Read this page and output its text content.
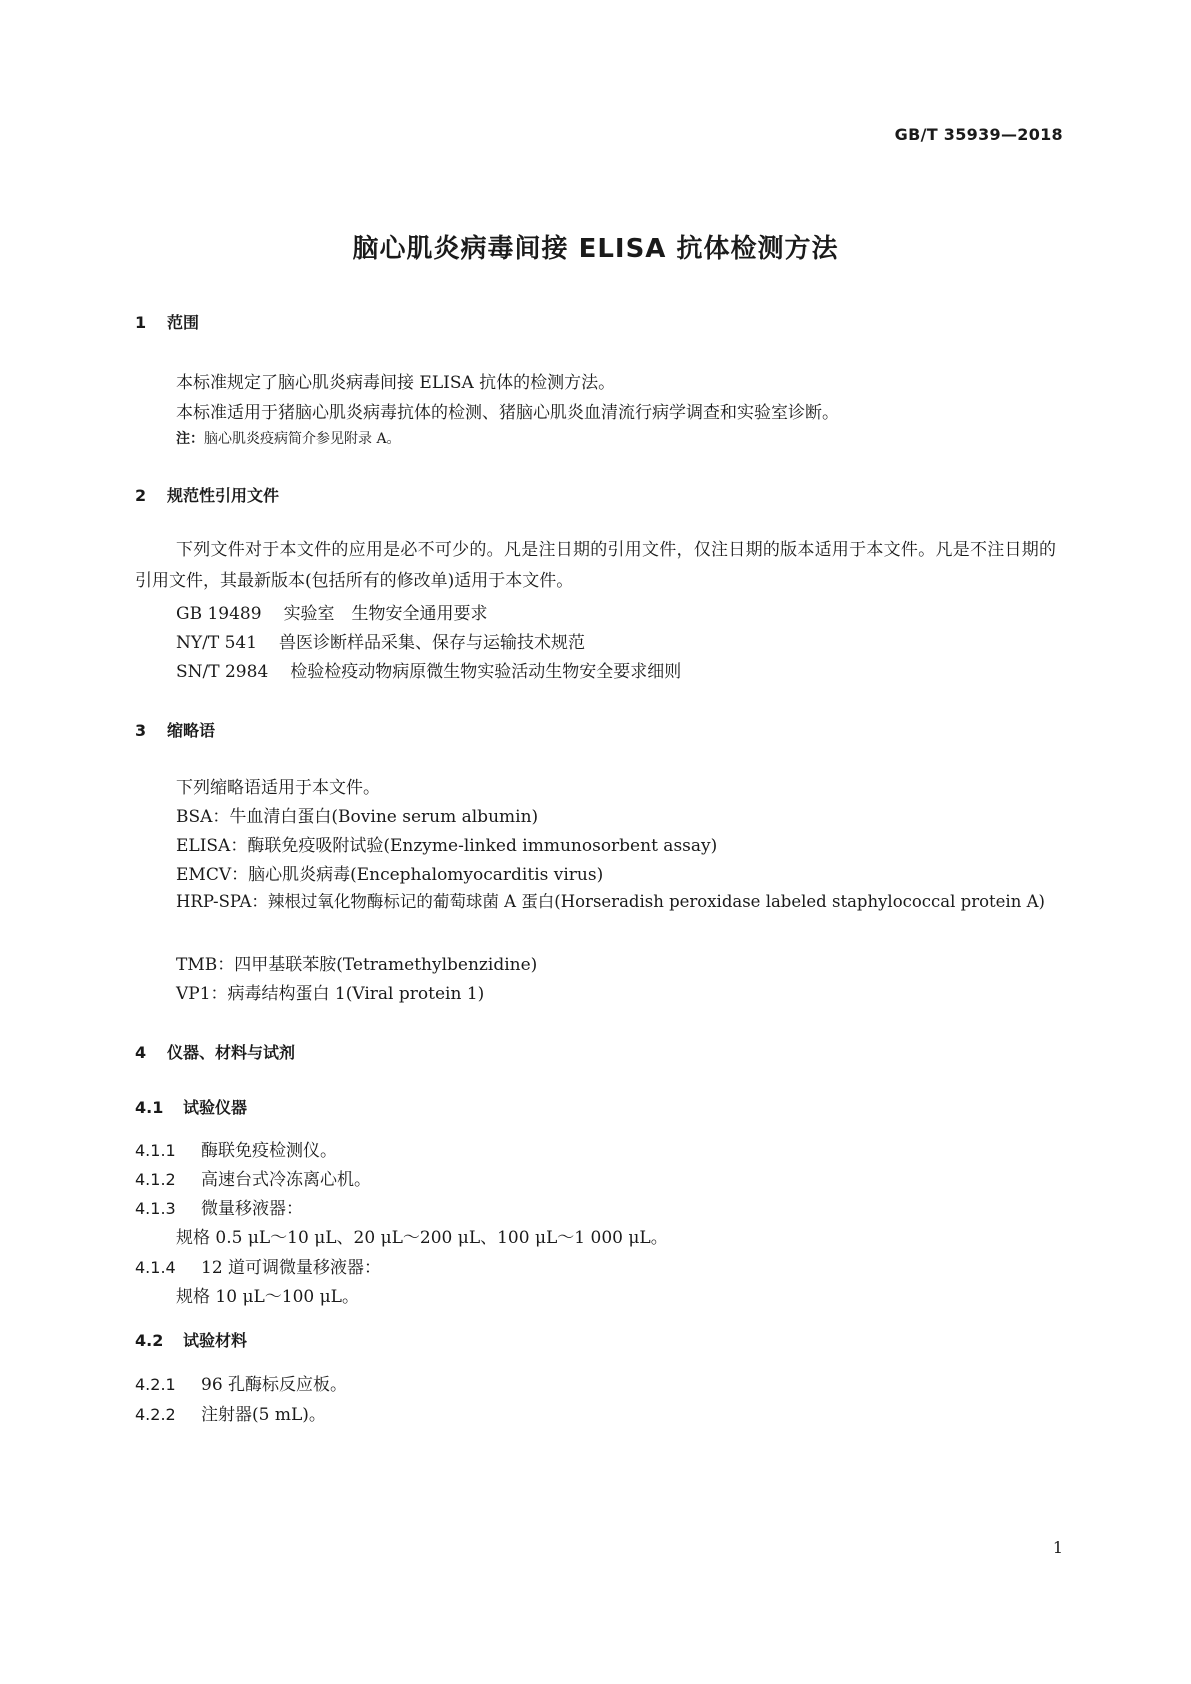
GB/T 35939—2018
脑心肌炎病毒间接 ELISA 抗体检测方法
1 范围
本标准规定了脑心肌炎病毒间接 ELISA 抗体的检测方法。
本标准适用于猪脑心肌炎病毒抗体的检测、猪脑心肌炎血清流行病学调查和实验室诊断。
注：脑心肌炎疫病简介参见附录 A。
2 规范性引用文件
下列文件对于本文件的应用是必不可少的。凡是注日期的引用文件，仅注日期的版本适用于本文件。凡是不注日期的引用文件，其最新版本(包括所有的修改单)适用于本文件。
GB 19489 实验室　生物安全通用要求
NY/T 541 兽医诊断样品采集、保存与运输技术规范
SN/T 2984 检验检疫动物病原微生物实验活动生物安全要求细则
3 缩略语
下列缩略语适用于本文件。
BSA：牛血清白蛋白(Bovine serum albumin)
ELISA：酶联免疫吸附试验(Enzyme-linked immunosorbent assay)
EMCV：脑心肌炎病毒(Encephalomyocarditis virus)
HRP-SPA：辣根过氧化物酶标记的葡萄球菌 A 蛋白(Horseradish peroxidase labeled staphylococcal protein A)
TMB：四甲基联苯胺(Tetramethylbenzidine)
VP1：病毒结构蛋白 1(Viral protein 1)
4 仪器、材料与试剂
4.1 试验仪器
4.1.1 酶联免疫检测仪。
4.1.2 高速台式冷冻离心机。
4.1.3 微量移液器：
规格 0.5 μL～10 μL、20 μL～200 μL、100 μL～1 000 μL。
4.1.4 12 道可调微量移液器：
规格 10 μL～100 μL。
4.2 试验材料
4.2.1 96 孔酶标反应板。
4.2.2 注射器(5 mL)。
1
